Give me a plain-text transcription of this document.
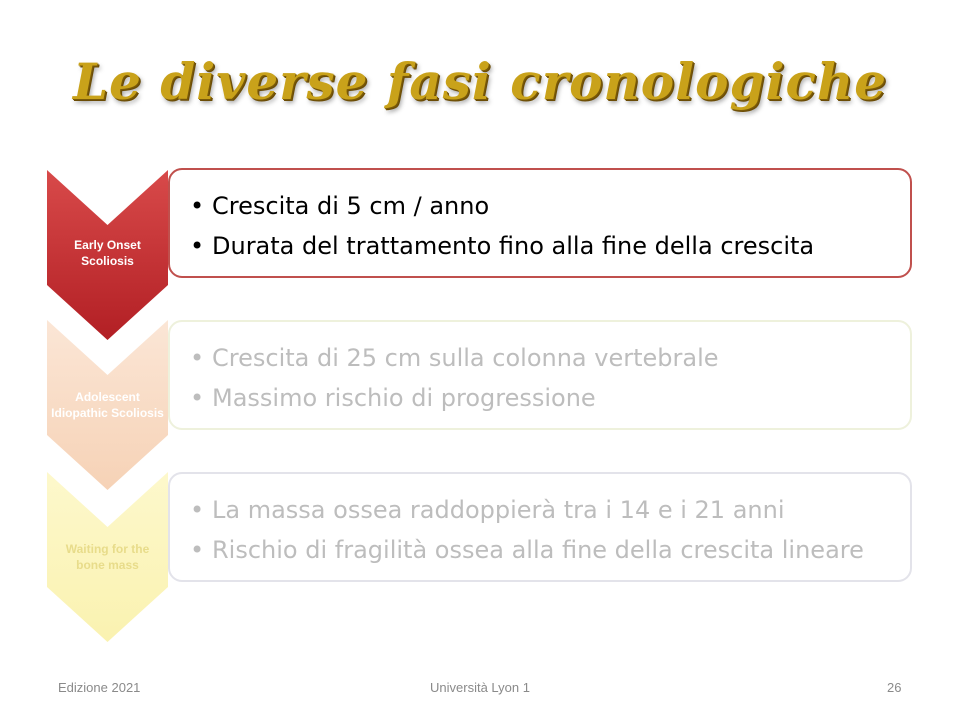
Le diverse fasi cronologiche
Early Onset
Scoliosis
• Crescita di 5 cm / anno
• Durata del trattamento fino alla fine della crescita
Adolescent
Idiopathic Scoliosis
• Crescita di 25 cm sulla colonna vertebrale
• Massimo rischio di progressione
Waiting for the
bone mass
• La massa ossea raddoppierà tra i 14 e i 21 anni
• Rischio di fragilità ossea alla fine della crescita lineare
Edizione 2021	Università Lyon 1	26
